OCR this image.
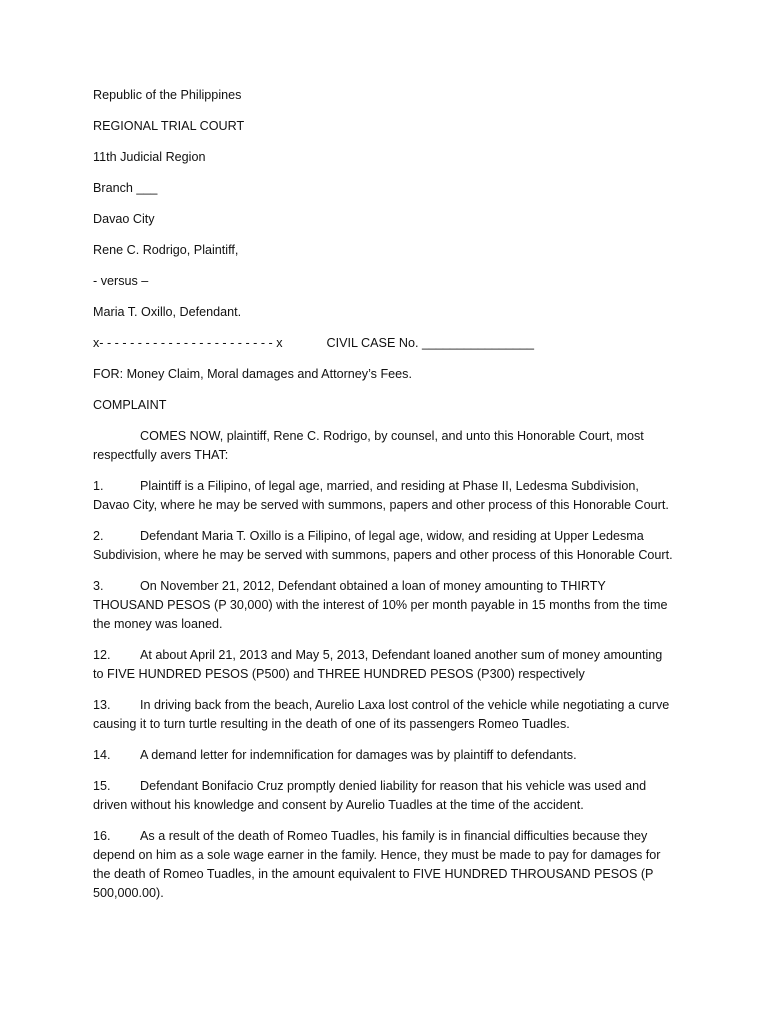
Republic of the Philippines

REGIONAL TRIAL COURT

11th Judicial Region

Branch ___

Davao City

Rene C. Rodrigo, Plaintiff,

- versus –

Maria T. Oxillo, Defendant.

x- - - - - - - - - - - - - - - - - - - - - - - x	CIVIL CASE No. ________________

FOR: Money Claim, Moral damages and Attorney’s Fees.

COMPLAINT

COMES NOW, plaintiff, Rene C. Rodrigo, by counsel, and unto this Honorable Court, most respectfully avers THAT:

1.	Plaintiff is a Filipino, of legal age, married, and residing at Phase II, Ledesma Subdivision, Davao City, where he may be served with summons, papers and other process of this Honorable Court.

2.	Defendant Maria T. Oxillo is a Filipino, of legal age, widow, and residing at Upper Ledesma Subdivision, where he may be served with summons, papers and other process of this Honorable Court.

3.	On November 21, 2012, Defendant obtained a loan of money amounting to THIRTY THOUSAND PESOS (P 30,000) with the interest of 10% per month payable in 15 months from the time the money was loaned.

12. At about April 21, 2013 and May 5, 2013, Defendant loaned another sum of money amounting to FIVE HUNDRED PESOS (P500) and THREE HUNDRED PESOS (P300) respectively

13. In driving back from the beach, Aurelio Laxa lost control of the vehicle while negotiating a curve causing it to turn turtle resulting in the death of one of its passengers Romeo Tuadles.

14. A demand letter for indemnification for damages was by plaintiff to defendants.

15. Defendant Bonifacio Cruz promptly denied liability for reason that his vehicle was used and driven without his knowledge and consent by Aurelio Tuadles at the time of the accident.

16. As a result of the death of Romeo Tuadles, his family is in financial difficulties because they depend on him as a sole wage earner in the family. Hence, they must be made to pay for damages for the death of Romeo Tuadles, in the amount equivalent to FIVE HUNDRED THROUSAND PESOS (P 500,000.00).
